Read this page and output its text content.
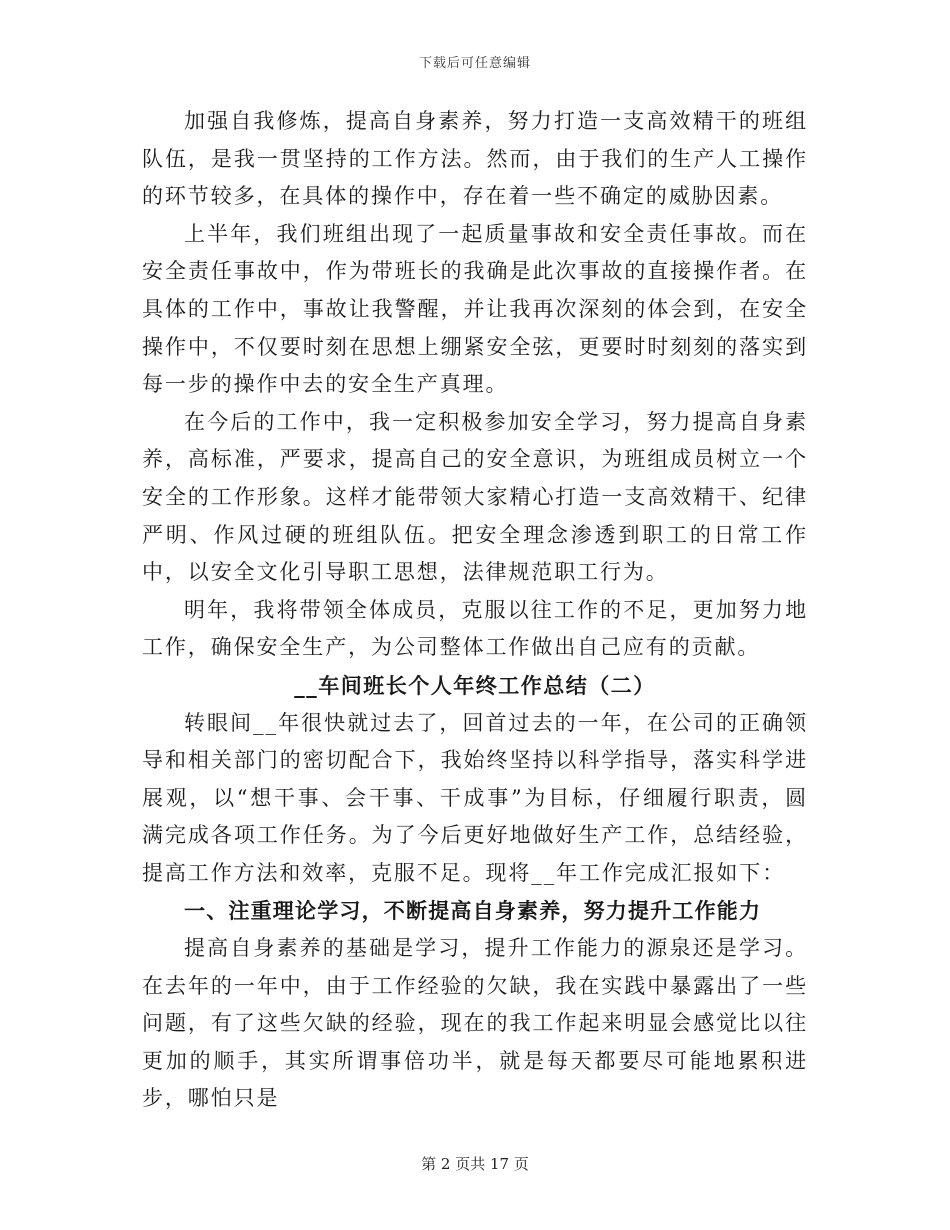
下载后可任意编辑

加强自我修炼，提高自身素养，努力打造一支高效精干的班组队伍，是我一贯坚持的工作方法。然而，由于我们的生产人工操作的环节较多，在具体的操作中，存在着一些不确定的威胁因素。

上半年，我们班组出现了一起质量事故和安全责任事故。而在安全责任事故中，作为带班长的我确是此次事故的直接操作者。在具体的工作中，事故让我警醒，并让我再次深刻的体会到，在安全操作中，不仅要时刻在思想上绷紧安全弦，更要时时刻刻的落实到每一步的操作中去的安全生产真理。

在今后的工作中，我一定积极参加安全学习，努力提高自身素养，高标准，严要求，提高自己的安全意识，为班组成员树立一个安全的工作形象。这样才能带领大家精心打造一支高效精干、纪律严明、作风过硬的班组队伍。把安全理念渗透到职工的日常工作中，以安全文化引导职工思想，法律规范职工行为。

明年，我将带领全体成员，克服以往工作的不足，更加努力地工作，确保安全生产，为公司整体工作做出自己应有的贡献。

__车间班长个人年终工作总结（二）

转眼间__年很快就过去了，回首过去的一年，在公司的正确领导和相关部门的密切配合下，我始终坚持以科学指导，落实科学进展观，以“想干事、会干事、干成事”为目标，仔细履行职责，圆满完成各项工作任务。为了今后更好地做好生产工作，总结经验，提高工作方法和效率，克服不足。现将__年工作完成汇报如下：

一、注重理论学习，不断提高自身素养，努力提升工作能力

提高自身素养的基础是学习，提升工作能力的源泉还是学习。在去年的一年中，由于工作经验的欠缺，我在实践中暴露出了一些问题，有了这些欠缺的经验，现在的我工作起来明显会感觉比以往更加的顺手，其实所谓事倍功半，就是每天都要尽可能地累积进步，哪怕只是

第 2 页共 17 页
